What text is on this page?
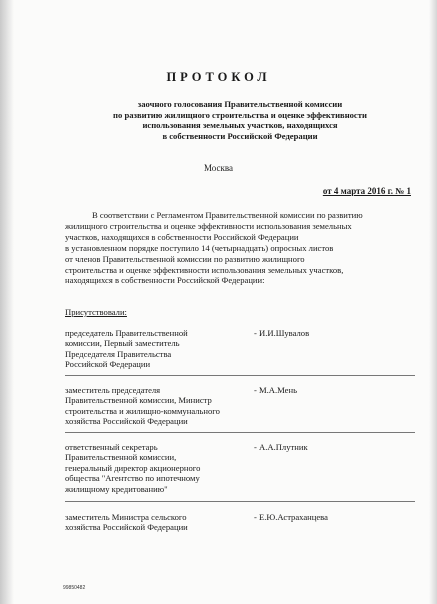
ПРОТОКОЛ
заочного голосования Правительственной комиссии
по развитию жилищного строительства и оценке эффективности
использования земельных участков, находящихся
в собственности Российской Федерации
Москва
от 4 марта 2016 г. № 1
В соответствии с Регламентом Правительственной комиссии по развитию
жилищного строительства и оценке эффективности использования земельных
участков, находящихся в собственности Российской Федерации
в установленном порядке поступило 14 (четырнадцать) опросных листов
от членов Правительственной комиссии по развитию жилищного
строительства и оценке эффективности использования земельных участков,
находящихся в собственности Российской Федерации:
Присутствовали:
председатель Правительственной
комиссии, Первый заместитель
Председателя Правительства
Российской Федерации
- И.И.Шувалов
заместитель председателя
Правительственной комиссии, Министр
строительства и жилищно-коммунального
хозяйства Российской Федерации
- М.А.Мень
ответственный секретарь
Правительственной комиссии,
генеральный директор акционерного
общества "Агентство по ипотечному
жилищному кредитованию"
- А.А.Плутник
заместитель Министра сельского
хозяйства Российской Федерации
- Е.Ю.Астраханцева
99850482
